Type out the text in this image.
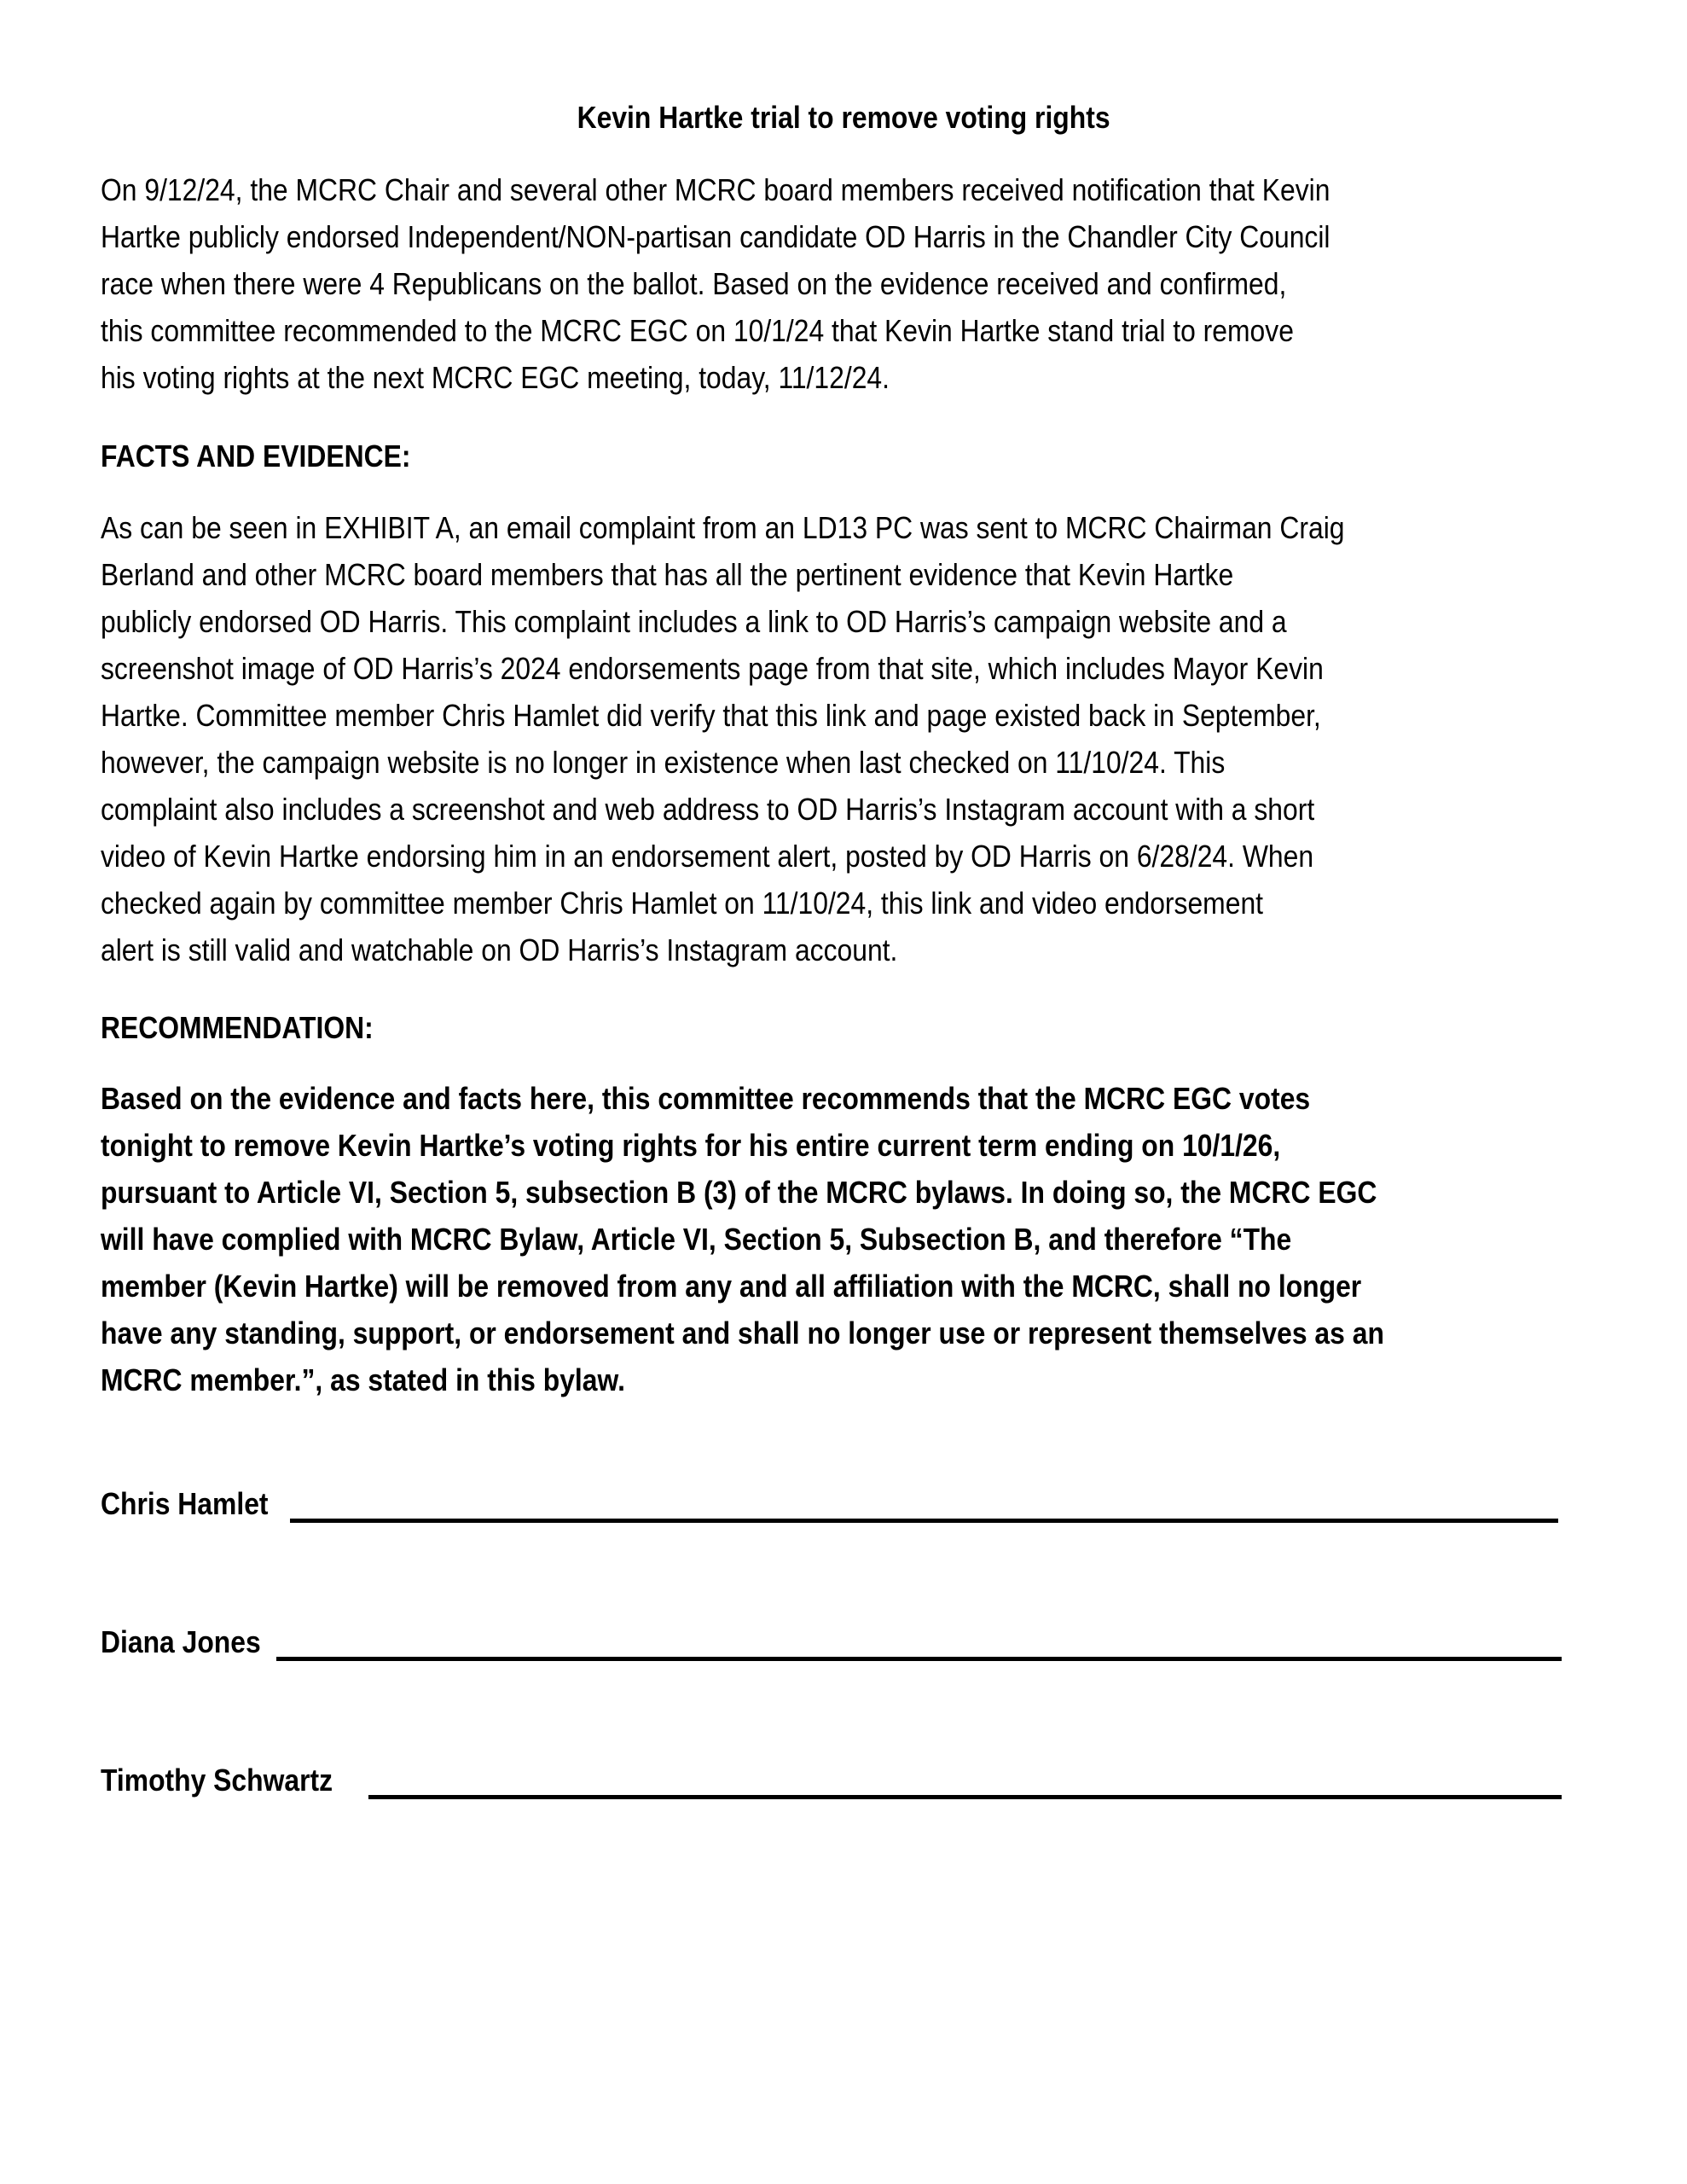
Kevin Hartke trial to remove voting rights
On 9/12/24, the MCRC Chair and several other MCRC board members received notification that Kevin
Hartke publicly endorsed Independent/NON-partisan candidate OD Harris in the Chandler City Council
race when there were 4 Republicans on the ballot. Based on the evidence received and confirmed,
this committee recommended to the MCRC EGC on 10/1/24 that Kevin Hartke stand trial to remove
his voting rights at the next MCRC EGC meeting, today, 11/12/24.
FACTS AND EVIDENCE:
As can be seen in EXHIBIT A, an email complaint from an LD13 PC was sent to MCRC Chairman Craig
Berland and other MCRC board members that has all the pertinent evidence that Kevin Hartke
publicly endorsed OD Harris. This complaint includes a link to OD Harris’s campaign website and a
screenshot image of OD Harris’s 2024 endorsements page from that site, which includes Mayor Kevin
Hartke. Committee member Chris Hamlet did verify that this link and page existed back in September,
however, the campaign website is no longer in existence when last checked on 11/10/24. This
complaint also includes a screenshot and web address to OD Harris’s Instagram account with a short
video of Kevin Hartke endorsing him in an endorsement alert, posted by OD Harris on 6/28/24. When
checked again by committee member Chris Hamlet on 11/10/24, this link and video endorsement
alert is still valid and watchable on OD Harris’s Instagram account.
RECOMMENDATION:
Based on the evidence and facts here, this committee recommends that the MCRC EGC votes
tonight to remove Kevin Hartke’s voting rights for his entire current term ending on 10/1/26,
pursuant to Article VI, Section 5, subsection B (3) of the MCRC bylaws. In doing so, the MCRC EGC
will have complied with MCRC Bylaw, Article VI, Section 5, Subsection B, and therefore “The
member (Kevin Hartke) will be removed from any and all affiliation with the MCRC, shall no longer
have any standing, support, or endorsement and shall no longer use or represent themselves as an
MCRC member.”, as stated in this bylaw.
Chris Hamlet
Diana Jones
Timothy Schwartz
